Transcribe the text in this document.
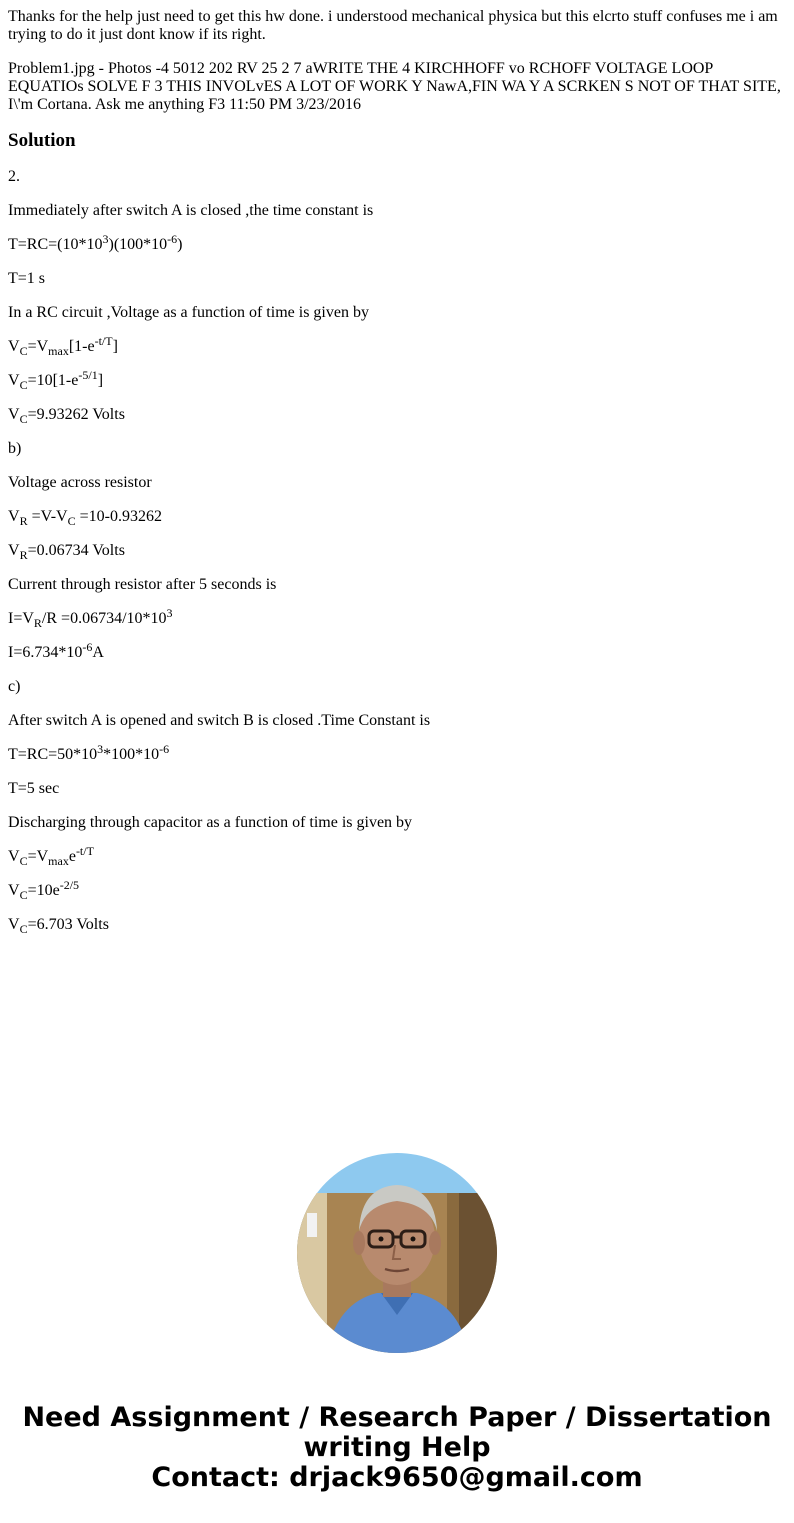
Thanks for the help just need to get this hw done. i understood mechanical physica but this elcrto stuff confuses me i am trying to do it just dont know if its right.

Problem1.jpg - Photos -4 5012 202 RV 25 2 7 aWRITE THE 4 KIRCHHOFF vo RCHOFF VOLTAGE LOOP EQUATIOs SOLVE F 3 THIS INVOLvES A LOT OF WORK Y NawA,FIN WA Y A SCRKEN S NOT OF THAT SITE, I\'m Cortana. Ask me anything F3 11:50 PM 3/23/2016

Solution

2.

Immediately after switch A is closed ,the time constant is

$T=RC=(10*10^3)(100*10^{-6})$

T=1 s

In a RC circuit ,Voltage as a function of time is given by

$V_C=V_{max}[1-e^{-t/T}]$

$V_C=10[1-e^{-5/1}]$

$V_C=9.93262$ Volts

b)

Voltage across resistor

$V_R =V-V_C =10-0.93262$

$V_R=0.06734$ Volts

Current through resistor after 5 seconds is

$I=V_R/R =0.06734/10*10^3$

$I=6.734*10^{-6}A$

c)

After switch A is opened and switch B is closed .Time Constant is

$T=RC=50*10^3*100*10^{-6}$

T=5 sec

Discharging through capacitor as a function of time is given by

$V_C=V_{max}e^{-t/T}$

$V_C=10e^{-2/5}$

$V_C=6.703$ Volts

Need Assignment / Research Paper / Dissertation
writing Help
Contact: drjack9650@gmail.com
